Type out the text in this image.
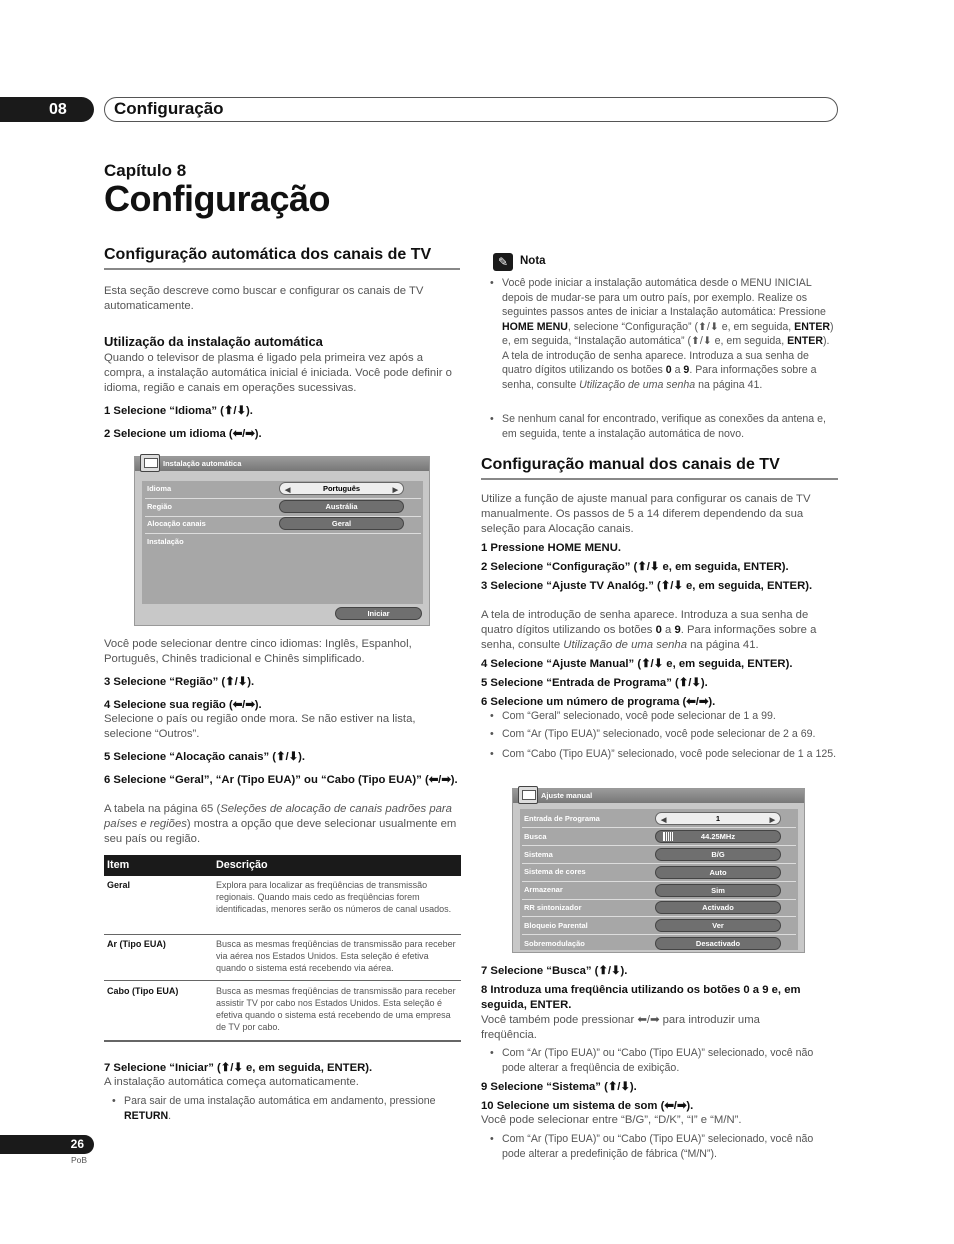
08	Configuração
Capítulo 8
Configuração
Configuração automática dos canais de TV
Esta seção descreve como buscar e configurar os canais de TV automaticamente.
Utilização da instalação automática
Quando o televisor de plasma é ligado pela primeira vez após a compra, a instalação automática inicial é iniciada. Você pode definir o idioma, região e canais em operações sucessivas.
1 Selecione “Idioma” (⬆/⬇).
2 Selecione um idioma (⬅/➡).
Instalação automática
Idioma	◀	Português	▶
Região	Austrália
Alocação canais	Geral
Instalação
Iniciar
Você pode selecionar dentre cinco idiomas: Inglês, Espanhol, Português, Chinês tradicional e Chinês simplificado.
3 Selecione “Região” (⬆/⬇).
4 Selecione sua região (⬅/➡).
Selecione o país ou região onde mora. Se não estiver na lista, selecione “Outros”.
5 Selecione “Alocação canais” (⬆/⬇).
6 Selecione “Geral”, “Ar (Tipo EUA)” ou “Cabo (Tipo EUA)” (⬅/➡).
A tabela na página 65 (Seleções de alocação de canais padrões para países e regiões) mostra a opção que deve selecionar usualmente em seu país ou região.
Item	Descrição
Geral	Explora para localizar as freqüências de transmissão regionais. Quando mais cedo as freqüências forem identificadas, menores serão os números de canal usados.
Ar (Tipo EUA)	Busca as mesmas freqüências de transmissão para receber via aérea nos Estados Unidos. Esta seleção é efetiva quando o sistema está recebendo via aérea.
Cabo (Tipo EUA)	Busca as mesmas freqüências de transmissão para receber assistir TV por cabo nos Estados Unidos. Esta seleção é efetiva quando o sistema está recebendo de uma empresa de TV por cabo.
7 Selecione “Iniciar” (⬆/⬇ e, em seguida, ENTER).
A instalação automática começa automaticamente.
• Para sair de uma instalação automática em andamento, pressione RETURN.
✎	Nota
• Você pode iniciar a instalação automática desde o MENU INICIAL depois de mudar-se para um outro país, por exemplo. Realize os seguintes passos antes de iniciar a Instalação automática: Pressione HOME MENU, selecione “Configuração” (⬆/⬇ e, em seguida, ENTER) e, em seguida, “Instalação automática” (⬆/⬇ e, em seguida, ENTER). A tela de introdução de senha aparece. Introduza a sua senha de quatro dígitos utilizando os botões 0 a 9. Para informações sobre a senha, consulte Utilização de uma senha na página 41.
• Se nenhum canal for encontrado, verifique as conexões da antena e, em seguida, tente a instalação automática de novo.
Configuração manual dos canais de TV
Utilize a função de ajuste manual para configurar os canais de TV manualmente. Os passos de 5 a 14 diferem dependendo da sua seleção para Alocação canais.
1 Pressione HOME MENU.
2 Selecione “Configuração” (⬆/⬇ e, em seguida, ENTER).
3 Selecione “Ajuste TV Analóg.” (⬆/⬇ e, em seguida, ENTER).
A tela de introdução de senha aparece. Introduza a sua senha de quatro dígitos utilizando os botões 0 a 9. Para informações sobre a senha, consulte Utilização de uma senha na página 41.
4 Selecione “Ajuste Manual” (⬆/⬇ e, em seguida, ENTER).
5 Selecione “Entrada de Programa” (⬆/⬇).
6 Selecione um número de programa (⬅/➡).
• Com “Geral” selecionado, você pode selecionar de 1 a 99.
• Com “Ar (Tipo EUA)” selecionado, você pode selecionar de 2 a 69.
• Com “Cabo (Tipo EUA)” selecionado, você pode selecionar de 1 a 125.
Ajuste manual
Entrada de Programa	◀	1	▶
Busca	44.25MHz
Sistema	B/G
Sistema de cores	Auto
Armazenar	Sim
RR sintonizador	Activado
Bloqueio Parental	Ver
Sobremodulação	Desactivado
7 Selecione “Busca” (⬆/⬇).
8 Introduza uma freqüência utilizando os botões 0 a 9 e, em seguida, ENTER.
Você também pode pressionar ⬅/➡ para introduzir uma freqüência.
• Com “Ar (Tipo EUA)” ou “Cabo (Tipo EUA)” selecionado, você não pode alterar a freqüência de exibição.
9 Selecione “Sistema” (⬆/⬇).
10 Selecione um sistema de som (⬅/➡).
Você pode selecionar entre “B/G”, “D/K”, “I” e “M/N”.
• Com “Ar (Tipo EUA)” ou “Cabo (Tipo EUA)” selecionado, você não pode alterar a predefinição de fábrica (“M/N”).
26
PoB
